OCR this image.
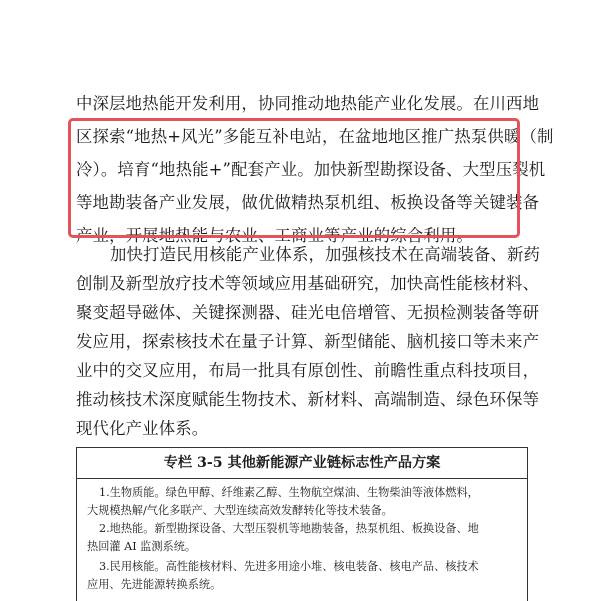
中深层地热能开发利用，协同推动地热能产业化发展。在川西地
区探索“地热+风光”多能互补电站，在盆地地区推广热泵供暖（制
冷）。培育“地热能+”配套产业。加快新型勘探设备、大型压裂机
等地勘装备产业发展，做优做精热泵机组、板换设备等关键装备
产业，开展地热能与农业、工商业等产业的综合利用。
加快打造民用核能产业体系，加强核技术在高端装备、新药
创制及新型放疗技术等领域应用基础研究，加快高性能核材料、
聚变超导磁体、关键探测器、硅光电倍增管、无损检测装备等研
发应用，探索核技术在量子计算、新型储能、脑机接口等未来产
业中的交叉应用，布局一批具有原创性、前瞻性重点科技项目，
推动核技术深度赋能生物技术、新材料、高端制造、绿色环保等
现代化产业体系。
专栏 3-5 其他新能源产业链标志性产品方案
1.生物质能。绿色甲醇、纤维素乙醇、生物航空煤油、生物柴油等液体燃料，
大规模热解/气化多联产、大型连续高效发酵转化等技术装备。
2.地热能。新型勘探设备、大型压裂机等地勘装备，热泵机组、板换设备、地
热回灌 AI 监测系统。
3.民用核能。高性能核材料、先进多用途小堆、核电装备、核电产品、核技术
应用、先进能源转换系统。
